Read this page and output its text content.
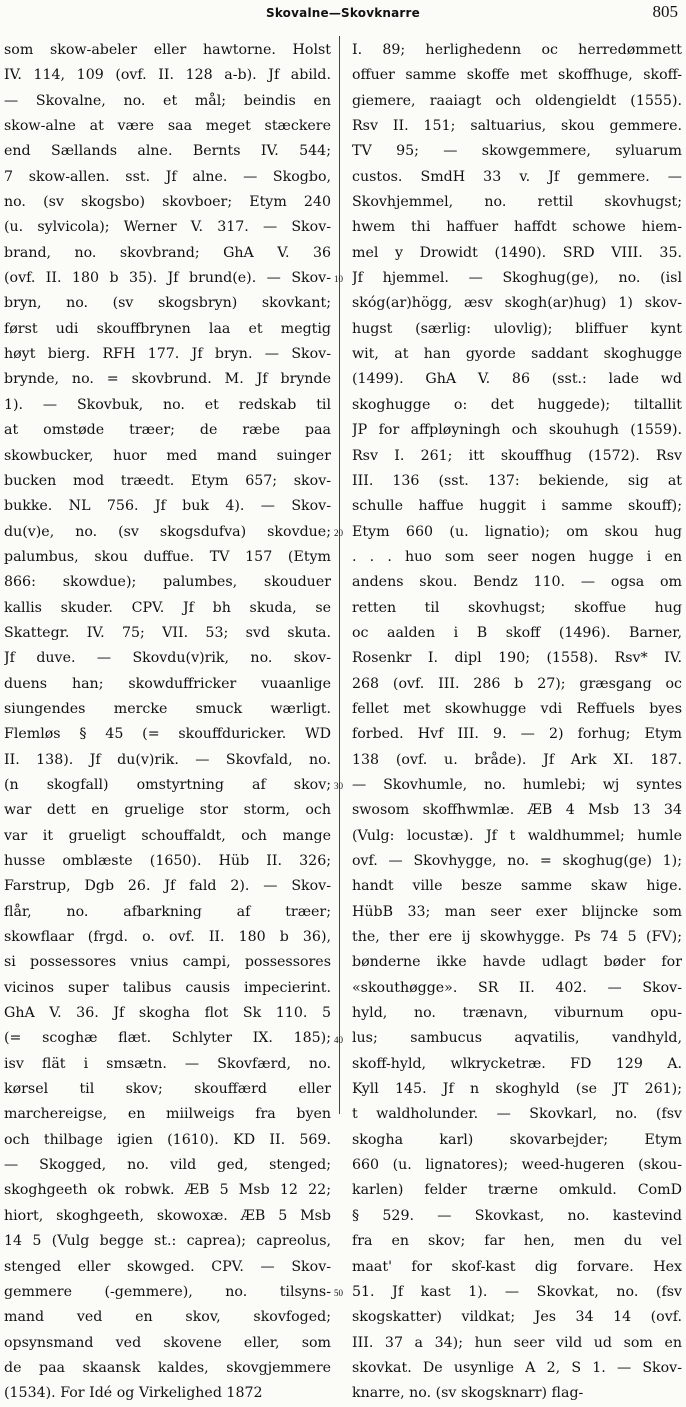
Skovalne—Skovknarre	805
som skow-abeler eller hawtorne. Holst
IV. 114, 109 (ovf. II. 128 a-b). Jf abild.
— Skovalne, no. et mål; beindis en
skow-alne at være saa meget stæckere
end Sællands alne. Bernts IV. 544;
7 skow-allen. sst. Jf alne. — Skogbo,
no. (sv skogsbo) skovboer; Etym 240
(u. sylvicola); Werner V. 317. — Skov-
brand, no. skovbrand; GhA V. 36
(ovf. II. 180 b 35). Jf brund(e). — Skov-
bryn, no. (sv skogsbryn) skovkant;
først udi skouffbrynen laa et megtig
høyt bierg. RFH 177. Jf bryn. — Skov-
brynde, no. = skovbrund. M. Jf brynde
1). — Skovbuk, no. et redskab til
at omstøde træer; de ræbe paa
skowbucker, huor med mand suinger
bucken mod træedt. Etym 657; skov-
bukke. NL 756. Jf buk 4). — Skov-
du(v)e, no. (sv skogsdufva) skovdue;
palumbus, skou duffue. TV 157 (Etym
866: skowdue); palumbes, skouduer
kallis skuder. CPV. Jf bh skuda, se
Skattegr. IV. 75; VII. 53; svd skuta.
Jf duve. — Skovdu(v)rik, no. skov-
duens han; skowduffricker vuaanlige
siungendes mercke smuck wærligt.
Flemløs § 45 (= skouffduricker. WD
II. 138). Jf du(v)rik. — Skovfald, no.
(n skogfall) omstyrtning af skov;
war dett en gruelige stor storm, och
var it grueligt schouffaldt, och mange
husse omblæste (1650). Hüb II. 326;
Farstrup, Dgb 26. Jf fald 2). — Skov-
flår, no. afbarkning af træer;
skowflaar (frgd. o. ovf. II. 180 b 36),
si possessores vnius campi, possessores
vicinos super talibus causis impecierint.
GhA V. 36. Jf skogha flot Sk 110. 5
(= scoghæ flæt. Schlyter IX. 185);
isv flät i smsætn. — Skovfærd, no.
kørsel til skov; skouffærd eller
marchereigse, en miilweigs fra byen
och thilbage igien (1610). KD II. 569.
— Skogged, no. vild ged, stenged;
skoghgeeth ok robwk. ÆB 5 Msb 12 22;
hiort, skoghgeeth, skowoxæ. ÆB 5 Msb
14 5 (Vulg begge st.: caprea); capreolus,
stenged eller skowged. CPV. — Skov-
gemmere (-gemmere), no. tilsyns-
mand ved en skov, skovfoged;
opsynsmand ved skovene eller, som
de paa skaansk kaldes, skovgjemmere
(1534). For Idé og Virkelighed 1872
I. 89; herlighedenn oc herredømmett
offuer samme skoffe met skoffhuge, skoff-
giemere, raaiagt och oldengieldt (1555).
Rsv II. 151; saltuarius, skou gemmere.
TV 95; — skowgemmere, syluarum
custos. SmdH 33 v. Jf gemmere. —
Skovhjemmel, no. rettil skovhugst;
hwem thi haffuer haffdt schowe hiem-
mel y Drowidt (1490). SRD VIII. 35.
Jf hjemmel. — Skoghug(ge), no. (isl
skóg(ar)högg, æsv skogh(ar)hug) 1) skov-
hugst (særlig: ulovlig); bliffuer kynt
wit, at han gyorde saddant skoghugge
(1499). GhA V. 86 (sst.: lade wd
skoghugge o: det huggede); tiltallit
JP for affpløyningh och skouhugh (1559).
Rsv I. 261; itt skouffhug (1572). Rsv
III. 136 (sst. 137: bekiende, sig at
schulle haffue huggit i samme skouff);
Etym 660 (u. lignatio); om skou hug
. . . huo som seer nogen hugge i en
andens skou. Bendz 110. — ogsa om
retten til skovhugst; skoffue hug
oc aalden i B skoff (1496). Barner,
Rosenkr I. dipl 190; (1558). Rsv* IV.
268 (ovf. III. 286 b 27); græsgang oc
fellet met skowhugge vdi Reffuels byes
forbed. Hvf III. 9. — 2) forhug; Etym
138 (ovf. u. bråde). Jf Ark XI. 187.
— Skovhumle, no. humlebi; wj syntes
swosom skoffhwmlæ. ÆB 4 Msb 13 34
(Vulg: locustæ). Jf t waldhummel; humle
ovf. — Skovhygge, no. = skoghug(ge) 1);
handt ville besze samme skaw hige.
HübB 33; man seer exer blijncke som
the, ther ere ij skowhygge. Ps 74 5 (FV);
bønderne ikke havde udlagt bøder for
«skouthøgge». SR II. 402. — Skov-
hyld, no. trænavn, viburnum opu-
lus; sambucus aqvatilis, vandhyld,
skoff-hyld, wlkrycketræ. FD 129 A.
Kyll 145. Jf n skoghyld (se JT 261);
t waldholunder. — Skovkarl, no. (fsv
skogha karl) skovarbejder; Etym
660 (u. lignatores); weed-hugeren (skou-
karlen) felder trærne omkuld. ComD
§ 529. — Skovkast, no. kastevind
fra en skov; far hen, men du vel
maat' for skof-kast dig forvare. Hex
51. Jf kast 1). — Skovkat, no. (fsv
skogskatter) vildkat; Jes 34 14 (ovf.
III. 37 a 34); hun seer vild ud som en
skovkat. De usynlige A 2, S 1. — Skov-
knarre, no. (sv skogsknarr) flag-
10
20
30
40
50
